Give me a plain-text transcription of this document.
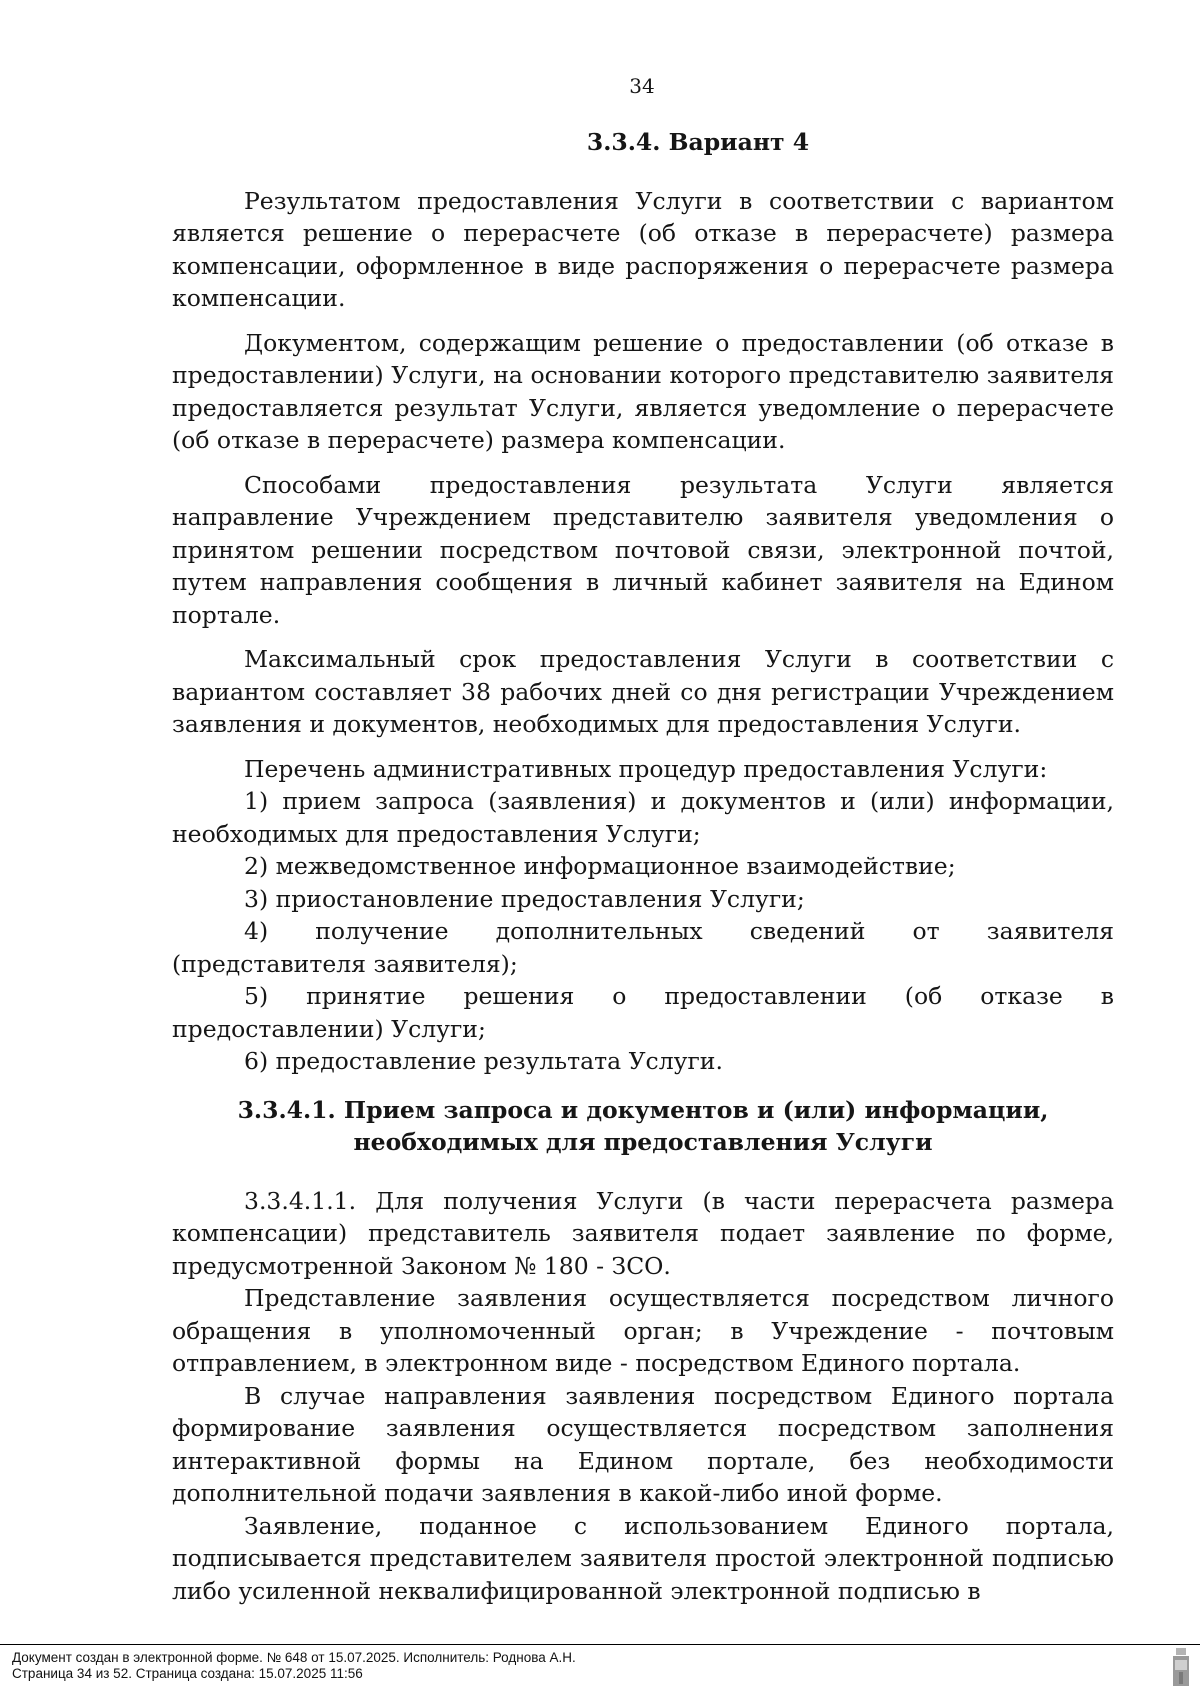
34
3.3.4. Вариант 4

Результатом предоставления Услуги в соответствии с вариантом является решение о перерасчете (об отказе в перерасчете) размера компенсации, оформленное в виде распоряжения о перерасчете размера компенсации.

Документом, содержащим решение о предоставлении (об отказе в предоставлении) Услуги, на основании которого представителю заявителя предоставляется результат Услуги, является уведомление о перерасчете (об отказе в перерасчете) размера компенсации.

Способами предоставления результата Услуги является направление Учреждением представителю заявителя уведомления о принятом решении посредством почтовой связи, электронной почтой, путем направления сообщения в личный кабинет заявителя на Едином портале.

Максимальный срок предоставления Услуги в соответствии с вариантом составляет 38 рабочих дней со дня регистрации Учреждением заявления и документов, необходимых для предоставления Услуги.

Перечень административных процедур предоставления Услуги:

1) прием запроса (заявления) и документов и (или) информации, необходимых для предоставления Услуги;

2) межведомственное информационное взаимодействие;

3) приостановление предоставления Услуги;

4) получение дополнительных сведений от заявителя (представителя заявителя);

5) принятие решения о предоставлении (об отказе в предоставлении) Услуги;

6) предоставление результата Услуги.

3.3.4.1. Прием запроса и документов и (или) информации, необходимых для предоставления Услуги

3.3.4.1.1. Для получения Услуги (в части перерасчета размера компенсации) представитель заявителя подает заявление по форме, предусмотренной Законом № 180 - ЗСО.

Представление заявления осуществляется посредством личного обращения в уполномоченный орган; в Учреждение - почтовым отправлением, в электронном виде - посредством Единого портала.

В случае направления заявления посредством Единого портала формирование заявления осуществляется посредством заполнения интерактивной формы на Едином портале, без необходимости дополнительной подачи заявления в какой-либо иной форме.

Заявление, поданное с использованием Единого портала, подписывается представителем заявителя простой электронной подписью либо усиленной неквалифицированной электронной подписью в

Документ создан в электронной форме. № 648 от 15.07.2025. Исполнитель: Роднова А.Н.
Страница 34 из 52. Страница создана: 15.07.2025 11:56
